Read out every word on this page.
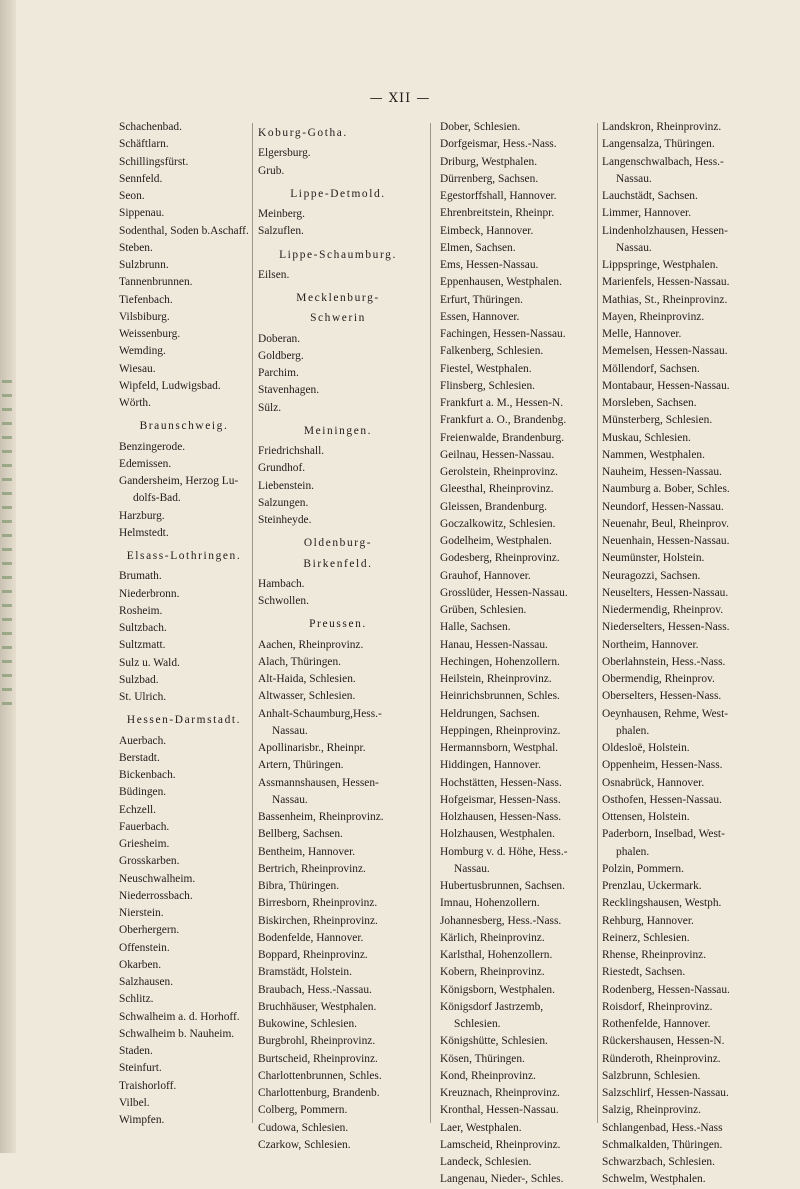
— XII —
Schachenbad.
Schäftlarn.
Schillingsfürst.
Sennfeld.
Seon.
Sippenau.
Sodenthal, Soden b.Aschaff.
Steben.
Sulzbrunn.
Tannenbrunnen.
Tiefenbach.
Vilsbiburg.
Weissenburg.
Wemding.
Wiesau.
Wipfeld, Ludwigsbad.
Wörth.
Braunschweig.
Benzingerode.
Edemissen.
Gandersheim, Herzog Lu-
dolfs-Bad.
Harzburg.
Helmstedt.
Elsass-Lothringen.
Brumath.
Niederbronn.
Rosheim.
Sultzbach.
Sultzmatt.
Sulz u. Wald.
Sulzbad.
St. Ulrich.
Hessen-Darmstadt.
Auerbach.
Berstadt.
Bickenbach.
Büdingen.
Echzell.
Fauerbach.
Griesheim.
Grosskarben.
Neuschwalheim.
Niederrossbach.
Nierstein.
Oberhergern.
Offenstein.
Okarben.
Salzhausen.
Schlitz.
Schwalheim a. d. Horhoff.
Schwalheim b. Nauheim.
Staden.
Steinfurt.
Traishorloff.
Vilbel.
Wimpfen.
Koburg-Gotha.
Elgersburg.
Grub.
Lippe-Detmold.
Meinberg.
Salzuflen.
Lippe-Schaumburg.
Eilsen.
Mecklenburg-
Schwerin
Doberan.
Goldberg.
Parchim.
Stavenhagen.
Sülz.
Meiningen.
Friedrichshall.
Grundhof.
Liebenstein.
Salzungen.
Steinheyde.
Oldenburg-
Birkenfeld.
Hambach.
Schwollen.
Preussen.
Aachen, Rheinprovinz.
Alach, Thüringen.
Alt-Haida, Schlesien.
Altwasser, Schlesien.
Anhalt-Schaumburg,Hess.-
Nassau.
Apollinarisbr., Rheinpr.
Artern, Thüringen.
Assmannshausen, Hessen-
Nassau.
Bassenheim, Rheinprovinz.
Bellberg, Sachsen.
Bentheim, Hannover.
Bertrich, Rheinprovinz.
Bibra, Thüringen.
Birresborn, Rheinprovinz.
Biskirchen, Rheinprovinz.
Bodenfelde, Hannover.
Boppard, Rheinprovinz.
Bramstädt, Holstein.
Braubach, Hess.-Nassau.
Bruchhäuser, Westphalen.
Bukowine, Schlesien.
Burgbrohl, Rheinprovinz.
Burtscheid, Rheinprovinz.
Charlottenbrunnen, Schles.
Charlottenburg, Brandenb.
Colberg, Pommern.
Cudowa, Schlesien.
Czarkow, Schlesien.
Dober, Schlesien.
Dorfgeismar, Hess.-Nass.
Driburg, Westphalen.
Dürrenberg, Sachsen.
Egestorffshall, Hannover.
Ehrenbreitstein, Rheinpr.
Eimbeck, Hannover.
Elmen, Sachsen.
Ems, Hessen-Nassau.
Eppenhausen, Westphalen.
Erfurt, Thüringen.
Essen, Hannover.
Fachingen, Hessen-Nassau.
Falkenberg, Schlesien.
Fiestel, Westphalen.
Flinsberg, Schlesien.
Frankfurt a. M., Hessen-N.
Frankfurt a. O., Brandenbg.
Freienwalde, Brandenburg.
Geilnau, Hessen-Nassau.
Gerolstein, Rheinprovinz.
Gleesthal, Rheinprovinz.
Gleissen, Brandenburg.
Goczalkowitz, Schlesien.
Godelheim, Westphalen.
Godesberg, Rheinprovinz.
Grauhof, Hannover.
Grosslüder, Hessen-Nassau.
Grüben, Schlesien.
Halle, Sachsen.
Hanau, Hessen-Nassau.
Hechingen, Hohenzollern.
Heilstein, Rheinprovinz.
Heinrichsbrunnen, Schles.
Heldrungen, Sachsen.
Heppingen, Rheinprovinz.
Hermannsborn, Westphal.
Hiddingen, Hannover.
Hochstätten, Hessen-Nass.
Hofgeismar, Hessen-Nass.
Holzhausen, Hessen-Nass.
Holzhausen, Westphalen.
Homburg v. d. Höhe, Hess.-
Nassau.
Hubertusbrunnen, Sachsen.
Imnau, Hohenzollern.
Johannesberg, Hess.-Nass.
Kärlich, Rheinprovinz.
Karlsthal, Hohenzollern.
Kobern, Rheinprovinz.
Königsborn, Westphalen.
Königsdorf Jastrzemb,
Schlesien.
Königshütte, Schlesien.
Kösen, Thüringen.
Kond, Rheinprovinz.
Kreuznach, Rheinprovinz.
Kronthal, Hessen-Nassau.
Laer, Westphalen.
Lamscheid, Rheinprovinz.
Landeck, Schlesien.
Langenau, Nieder-, Schles.
Landskron, Rheinprovinz.
Langensalza, Thüringen.
Langenschwalbach, Hess.-
Nassau.
Lauchstädt, Sachsen.
Limmer, Hannover.
Lindenholzhausen, Hessen-
Nassau.
Lippspringe, Westphalen.
Marienfels, Hessen-Nassau.
Mathias, St., Rheinprovinz.
Mayen, Rheinprovinz.
Melle, Hannover.
Memelsen, Hessen-Nassau.
Möllendorf, Sachsen.
Montabaur, Hessen-Nassau.
Morsleben, Sachsen.
Münsterberg, Schlesien.
Muskau, Schlesien.
Nammen, Westphalen.
Nauheim, Hessen-Nassau.
Naumburg a. Bober, Schles.
Neundorf, Hessen-Nassau.
Neuenahr, Beul, Rheinprov.
Neuenhain, Hessen-Nassau.
Neumünster, Holstein.
Neuragozzi, Sachsen.
Neuselters, Hessen-Nassau.
Niedermendig, Rheinprov.
Niederselters, Hessen-Nass.
Northeim, Hannover.
Oberlahnstein, Hess.-Nass.
Obermendig, Rheinprov.
Oberselters, Hessen-Nass.
Oeynhausen, Rehme, West-
phalen.
Oldesloë, Holstein.
Oppenheim, Hessen-Nass.
Osnabrück, Hannover.
Osthofen, Hessen-Nassau.
Ottensen, Holstein.
Paderborn, Inselbad, West-
phalen.
Polzin, Pommern.
Prenzlau, Uckermark.
Recklingshausen, Westph.
Rehburg, Hannover.
Reinerz, Schlesien.
Rhense, Rheinprovinz.
Riestedt, Sachsen.
Rodenberg, Hessen-Nassau.
Roisdorf, Rheinprovinz.
Rothenfelde, Hannover.
Rückershausen, Hessen-N.
Ründeroth, Rheinprovinz.
Salzbrunn, Schlesien.
Salzschlirf, Hessen-Nassau.
Salzig, Rheinprovinz.
Schlangenbad, Hess.-Nass
Schmalkalden, Thüringen.
Schwarzbach, Schlesien.
Schwelm, Westphalen.
